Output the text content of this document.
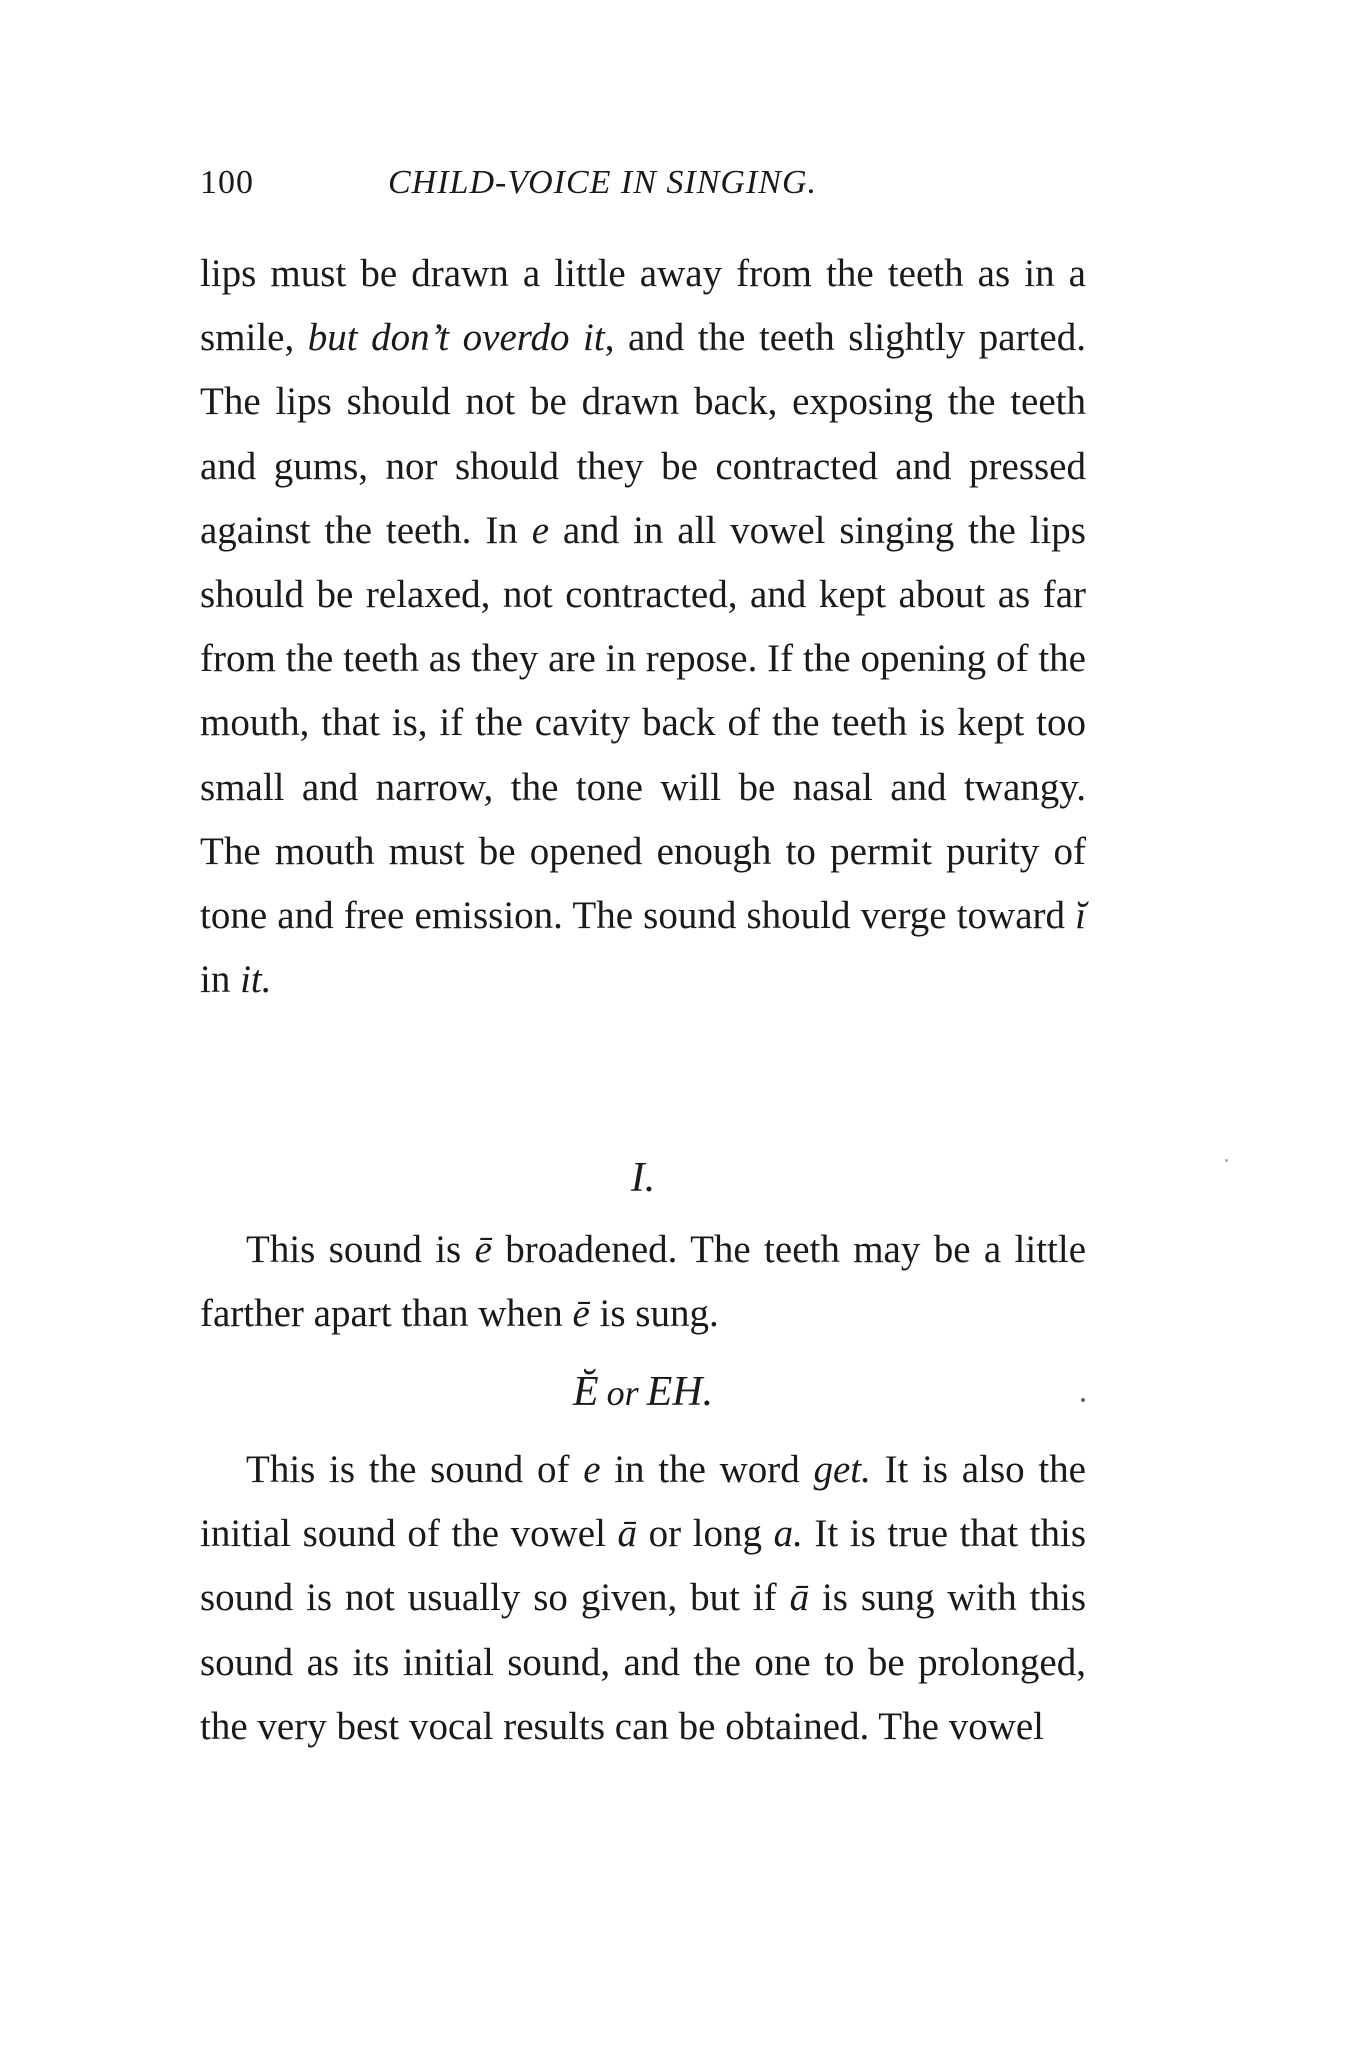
100	CHILD-VOICE IN SINGING.

lips must be drawn a little away from the teeth as in a smile, but don’t overdo it, and the teeth slightly parted. The lips should not be drawn back, exposing the teeth and gums, nor should they be contracted and pressed against the teeth. In e and in all vowel singing the lips should be relaxed, not contracted, and kept about as far from the teeth as they are in repose. If the opening of the mouth, that is, if the cavity back of the teeth is kept too small and narrow, the tone will be nasal and twangy. The mouth must be opened enough to permit purity of tone and free emission. The sound should verge toward ĭ in it.

I.

This sound is ē broadened. The teeth may be a little farther apart than when ē is sung.

Ĕ or EH.

This is the sound of e in the word get. It is also the initial sound of the vowel ā or long a. It is true that this sound is not usually so given, but if ā is sung with this sound as its initial sound, and the one to be prolonged, the very best vocal results can be obtained. The vowel
